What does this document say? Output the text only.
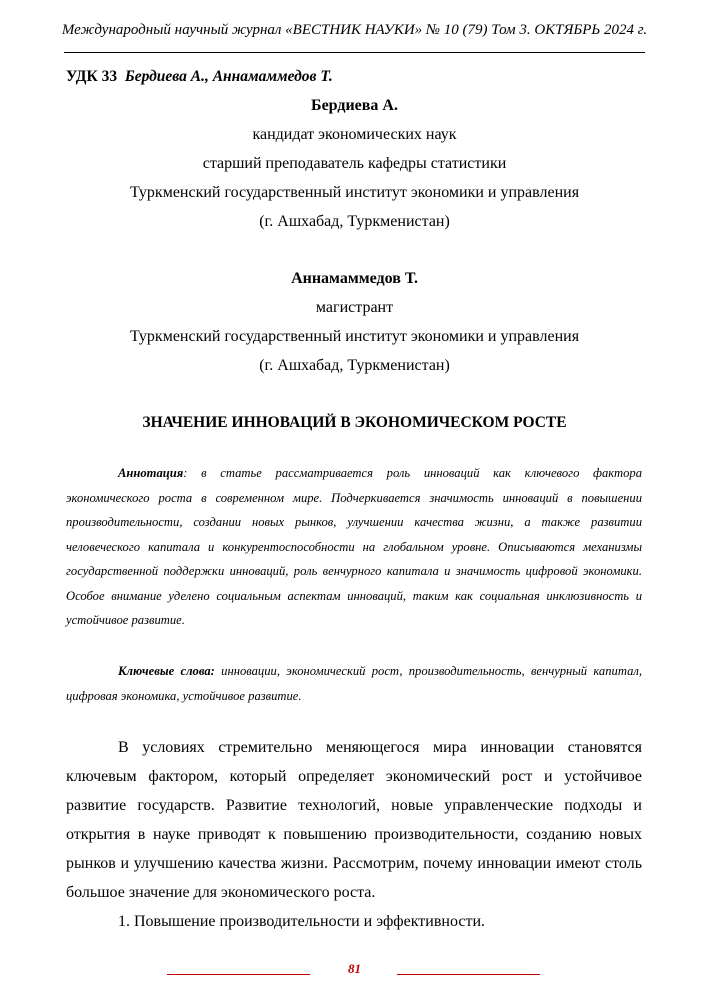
Международный научный журнал «ВЕСТНИК НАУКИ» № 10 (79) Том 3. ОКТЯБРЬ 2024 г.
УДК 33 Бердиева А., Аннамаммедов Т.
Бердиева А.
кандидат экономических наук
старший преподаватель кафедры статистики
Туркменский государственный институт экономики и управления
(г. Ашхабад, Туркменистан)
Аннамаммедов Т.
магистрант
Туркменский государственный институт экономики и управления
(г. Ашхабад, Туркменистан)
ЗНАЧЕНИЕ ИННОВАЦИЙ В ЭКОНОМИЧЕСКОМ РОСТЕ

Аннотация: в статье рассматривается роль инноваций как ключевого фактора экономического роста в современном мире. Подчеркивается значимость инноваций в повышении производительности, создании новых рынков, улучшении качества жизни, а также развитии человеческого капитала и конкурентоспособности на глобальном уровне. Описываются механизмы государственной поддержки инноваций, роль венчурного капитала и значимость цифровой экономики. Особое внимание уделено социальным аспектам инноваций, таким как социальная инклюзивность и устойчивое развитие.

Ключевые слова: инновации, экономический рост, производительность, венчурный капитал, цифровая экономика, устойчивое развитие.

В условиях стремительно меняющегося мира инновации становятся ключевым фактором, который определяет экономический рост и устойчивое развитие государств. Развитие технологий, новые управленческие подходы и открытия в науке приводят к повышению производительности, созданию новых рынков и улучшению качества жизни. Рассмотрим, почему инновации имеют столь большое значение для экономического роста.

1. Повышение производительности и эффективности.

81
